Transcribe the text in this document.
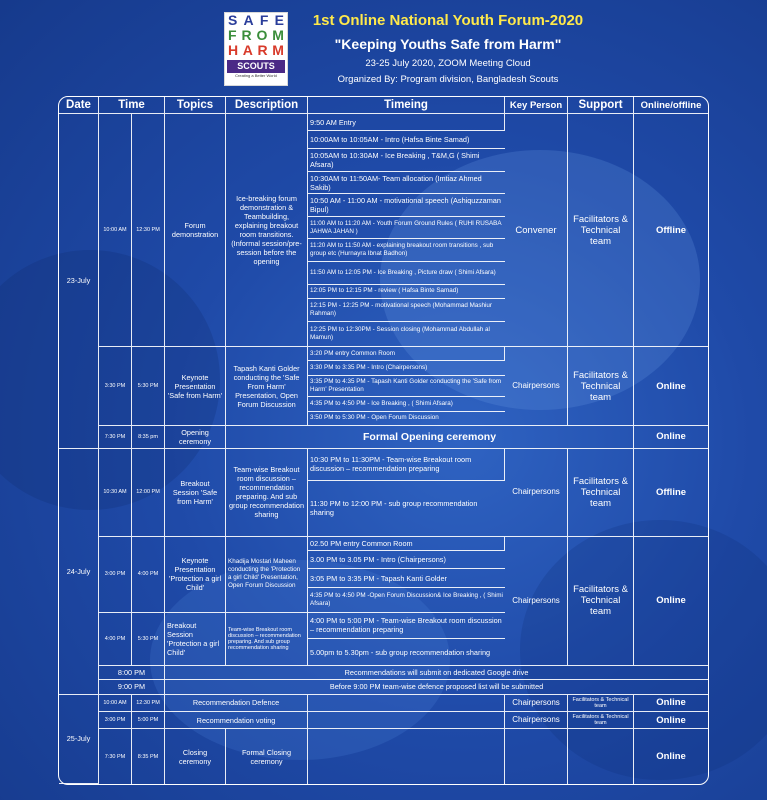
S A F E
F R O M
H A R M
SCOUTS
Creating a Better World
1st Online National Youth Forum-2020
"Keeping Youths Safe from Harm"
23-25 July 2020, ZOOM Meeting Cloud
Organized By: Program division, Bangladesh Scouts
Date	Time		Topics	Description	Timeing	Key Person	Support	Online/offline
23-July	10:00 AM	12:30 PM	Forum demonstration	Ice-breaking forum demonstration & Teambuilding, explaining breakout room transitions. (Informal session/pre-session before the opening	9:50 AM Entry	Convener	Facilitators & Technical team	Offline
					10:00AM to 10:05AM - Intro (Hafsa Binte Samad)			
					10:05AM to 10:30AM - Ice Breaking , T&M,G ( Shimi Afsara)			
					10:30AM to 11:50AM- Team allocation (Imtiaz Ahmed Sakib)			
					10:50 AM - 11:00 AM - motivational speech (Ashiquzzaman Bipul)			
					11:00 AM to 11:20 AM - Youth Forum Ground Rules ( RUHI RUSABA JAHWA JAHAN )			
					11:20 AM to 11:50 AM - explaining breakout room transitions , sub group etc (Hurnayra Ibnat Badhon)			
					11:50 AM to 12:05 PM - Ice Breaking , Picture draw ( Shimi Afsara)			
					12:05 PM to 12:15 PM - review ( Hafsa Binte Samad)			
					12:15 PM - 12:25 PM - motivational speech (Mohammad Mashiur Rahman)			
					12:25 PM to 12:30PM - Session closing (Mohammad Abdullah al Mamun)			
	3:30 PM	5:30 PM	Keynote Presentation 'Safe from Harm'	Tapash Kanti Golder conducting the 'Safe From Harm' Presentation, Open Forum Discussion	3:20 PM entry Common Room	Chairpersons	Facilitators & Technical team	Online
					3:30 PM to 3:35 PM - Intro (Chairpersons)			
					3:35 PM to 4:35 PM - Tapash Kanti Golder conducting the 'Safe from Harm' Presentation			
					4:35 PM to 4:50 PM - Ice Breaking , ( Shimi Afsara)			
					3:50 PM to 5:30 PM - Open Forum Discussion			
	7:30 PM	8:35 pm	Opening ceremony	Formal Opening ceremony				Online
24-July	10:30 AM	12:00 PM	Breakout Session 'Safe from Harm'	Team-wise Breakout room discussion – recommendation preparing. And sub group recommendation sharing	10:30 PM to 11:30PM - Team-wise Breakout room discussion – recommendation preparing	Chairpersons	Facilitators & Technical team	Offline
					11:30 PM to 12:00 PM - sub group recommendation sharing			
	3:00 PM	4:00 PM	Keynote Presentation 'Protection a girl Child'	Khadija Mostari Maheen conducting the 'Protection a girl Child' Presentation, Open Forum Discussion	02.50 PM entry Common Room	Chairpersons	Facilitators & Technical team	Online
					3.00 PM to 3.05 PM - Intro (Chairpersons)			
					3:05 PM to 3:35 PM - Tapash Kanti Golder			
					4:35 PM to 4:50 PM -Open Forum Discussion& Ice Breaking , ( Shimi Afsara)			
	4:00 PM	5:30 PM	Breakout Session 'Protection a girl Child'	Team-wise Breakout room discussion – recommendation preparing. And sub group recommendation sharing	4:00 PM to 5:00 PM - Team-wise Breakout room discussion – recommendation preparing			
					5.00pm to 5.30pm - sub group recommendation sharing			
	8:00 PM		Recommendations will submit on dedicated Google drive					
	9:00 PM		Before 9:00 PM team-wise defence proposed list will be submitted					
25-July	10:00 AM	12:30 PM	Recommendation Defence			Chairpersons	Facilitators & Technical team	Online
	3:00 PM	5:00 PM	Recommendation voting			Chairpersons	Facilitators & Technical team	Online
	7:30 PM	8:35 PM	Closing ceremony	Formal Closing ceremony				Online
